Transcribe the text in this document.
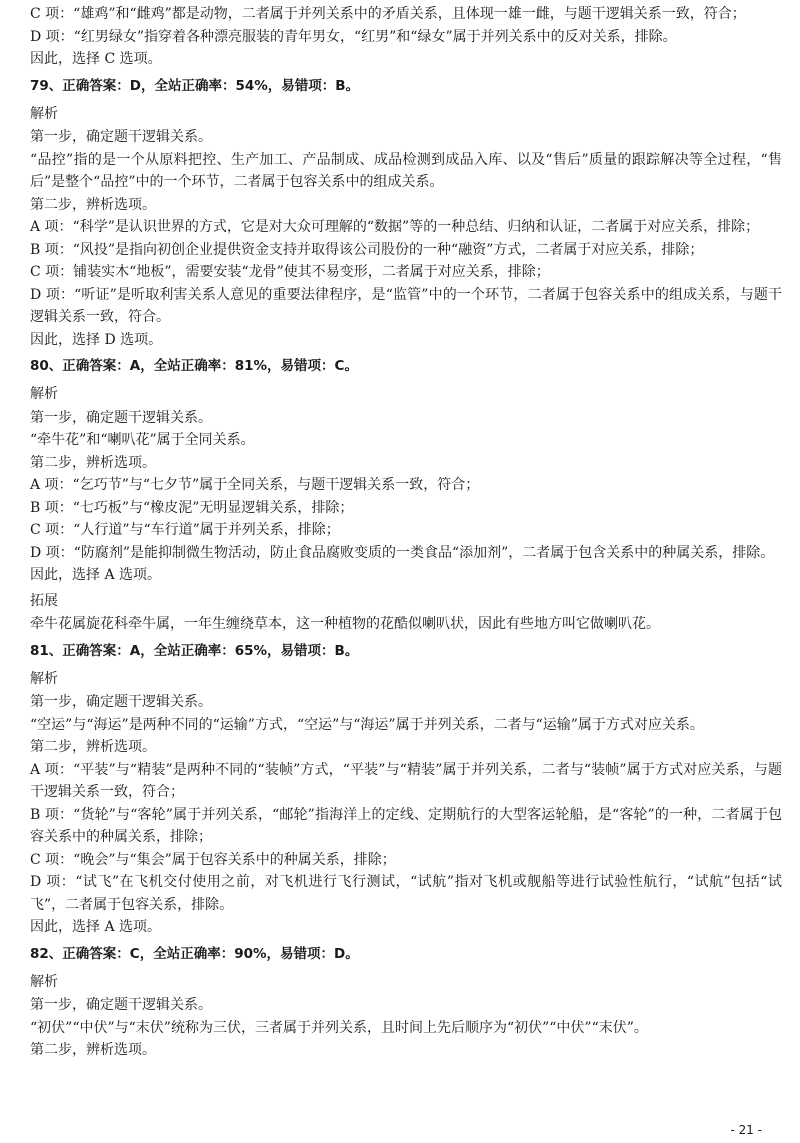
C 项：“雄鸡”和“雌鸡”都是动物，二者属于并列关系中的矛盾关系，且体现一雄一雌，与题干逻辑关系一致，符合；

D 项：“红男绿女”指穿着各种漂亮服装的青年男女，“红男”和“绿女”属于并列关系中的反对关系，排除。

因此，选择 C 选项。

79、正确答案：D，全站正确率：54%，易错项：B。

解析

第一步，确定题干逻辑关系。

“品控”指的是一个从原料把控、生产加工、产品制成、成品检测到成品入库、以及“售后”质量的跟踪解决等全过程，“售后”是整个“品控”中的一个环节，二者属于包容关系中的组成关系。

第二步，辨析选项。

A 项：“科学”是认识世界的方式，它是对大众可理解的“数据”等的一种总结、归纳和认证，二者属于对应关系，排除；

B 项：“风投”是指向初创企业提供资金支持并取得该公司股份的一种“融资”方式，二者属于对应关系，排除；

C 项：铺装实木“地板”，需要安装“龙骨”使其不易变形，二者属于对应关系，排除；

D 项：“听证”是听取利害关系人意见的重要法律程序，是“监管”中的一个环节，二者属于包容关系中的组成关系，与题干逻辑关系一致，符合。

因此，选择 D 选项。

80、正确答案：A，全站正确率：81%，易错项：C。

解析

第一步，确定题干逻辑关系。

“牵牛花”和“喇叭花”属于全同关系。

第二步，辨析选项。

A 项：“乞巧节”与“七夕节”属于全同关系，与题干逻辑关系一致，符合；

B 项：“七巧板”与“橡皮泥”无明显逻辑关系，排除；

C 项：“人行道”与“车行道”属于并列关系，排除；

D 项：“防腐剂”是能抑制微生物活动，防止食品腐败变质的一类食品“添加剂”，二者属于包含关系中的种属关系，排除。

因此，选择 A 选项。

拓展

牵牛花属旋花科牵牛属，一年生缠绕草本，这一种植物的花酷似喇叭状，因此有些地方叫它做喇叭花。

81、正确答案：A，全站正确率：65%，易错项：B。

解析

第一步，确定题干逻辑关系。

“空运”与“海运”是两种不同的“运输”方式，“空运”与“海运”属于并列关系，二者与“运输”属于方式对应关系。

第二步，辨析选项。

A 项：“平装”与“精装”是两种不同的“装帧”方式，“平装”与“精装”属于并列关系，二者与“装帧”属于方式对应关系，与题干逻辑关系一致，符合；

B 项：“货轮”与“客轮”属于并列关系，“邮轮”指海洋上的定线、定期航行的大型客运轮船，是“客轮”的一种，二者属于包容关系中的种属关系，排除；

C 项：“晚会”与“集会”属于包容关系中的种属关系，排除；

D 项：“试飞”在飞机交付使用之前，对飞机进行飞行测试，“试航”指对飞机或舰船等进行试验性航行，“试航”包括“试飞”，二者属于包容关系，排除。

因此，选择 A 选项。

82、正确答案：C，全站正确率：90%，易错项：D。

解析

第一步，确定题干逻辑关系。

“初伏”“中伏”与“末伏”统称为三伏，三者属于并列关系，且时间上先后顺序为“初伏”“中伏”“末伏”。

第二步，辨析选项。

- 21 -
